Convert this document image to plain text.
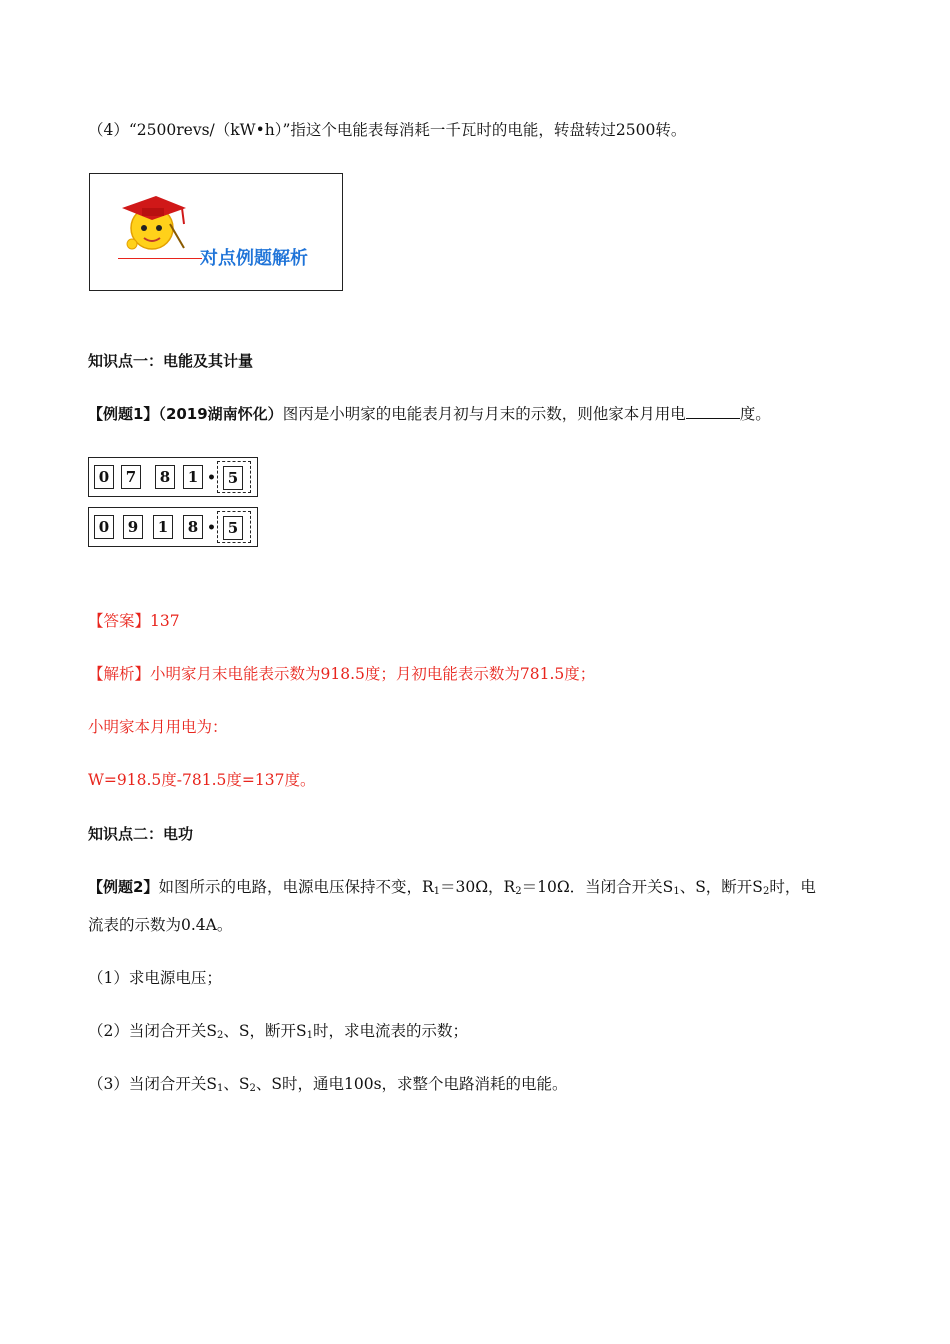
（4）“2500revs/（kW•h）”指这个电能表每消耗一千瓦时的电能，转盘转过2500转。
对点例题解析
知识点一：电能及其计量
【例题1】（2019湖南怀化）图丙是小明家的电能表月初与月末的示数，则他家本月用电	度。
0	7	8	1 • 5
0	9	1	8 • 5
【答案】137
【解析】小明家月末电能表示数为918.5度；月初电能表示数为781.5度；
小明家本月用电为：
W=918.5度-781.5度=137度。
知识点二：电功
【例题2】如图所示的电路，电源电压保持不变，$R_1=30\Omega$，$R_2=10\Omega$．当闭合开关$S_1$、S，断开$S_2$时，电
流表的示数为0.4A。
（1）求电源电压；
（2）当闭合开关$S_2$、S，断开$S_1$时，求电流表的示数；
（3）当闭合开关$S_1$、$S_2$、S时，通电100s，求整个电路消耗的电能。
